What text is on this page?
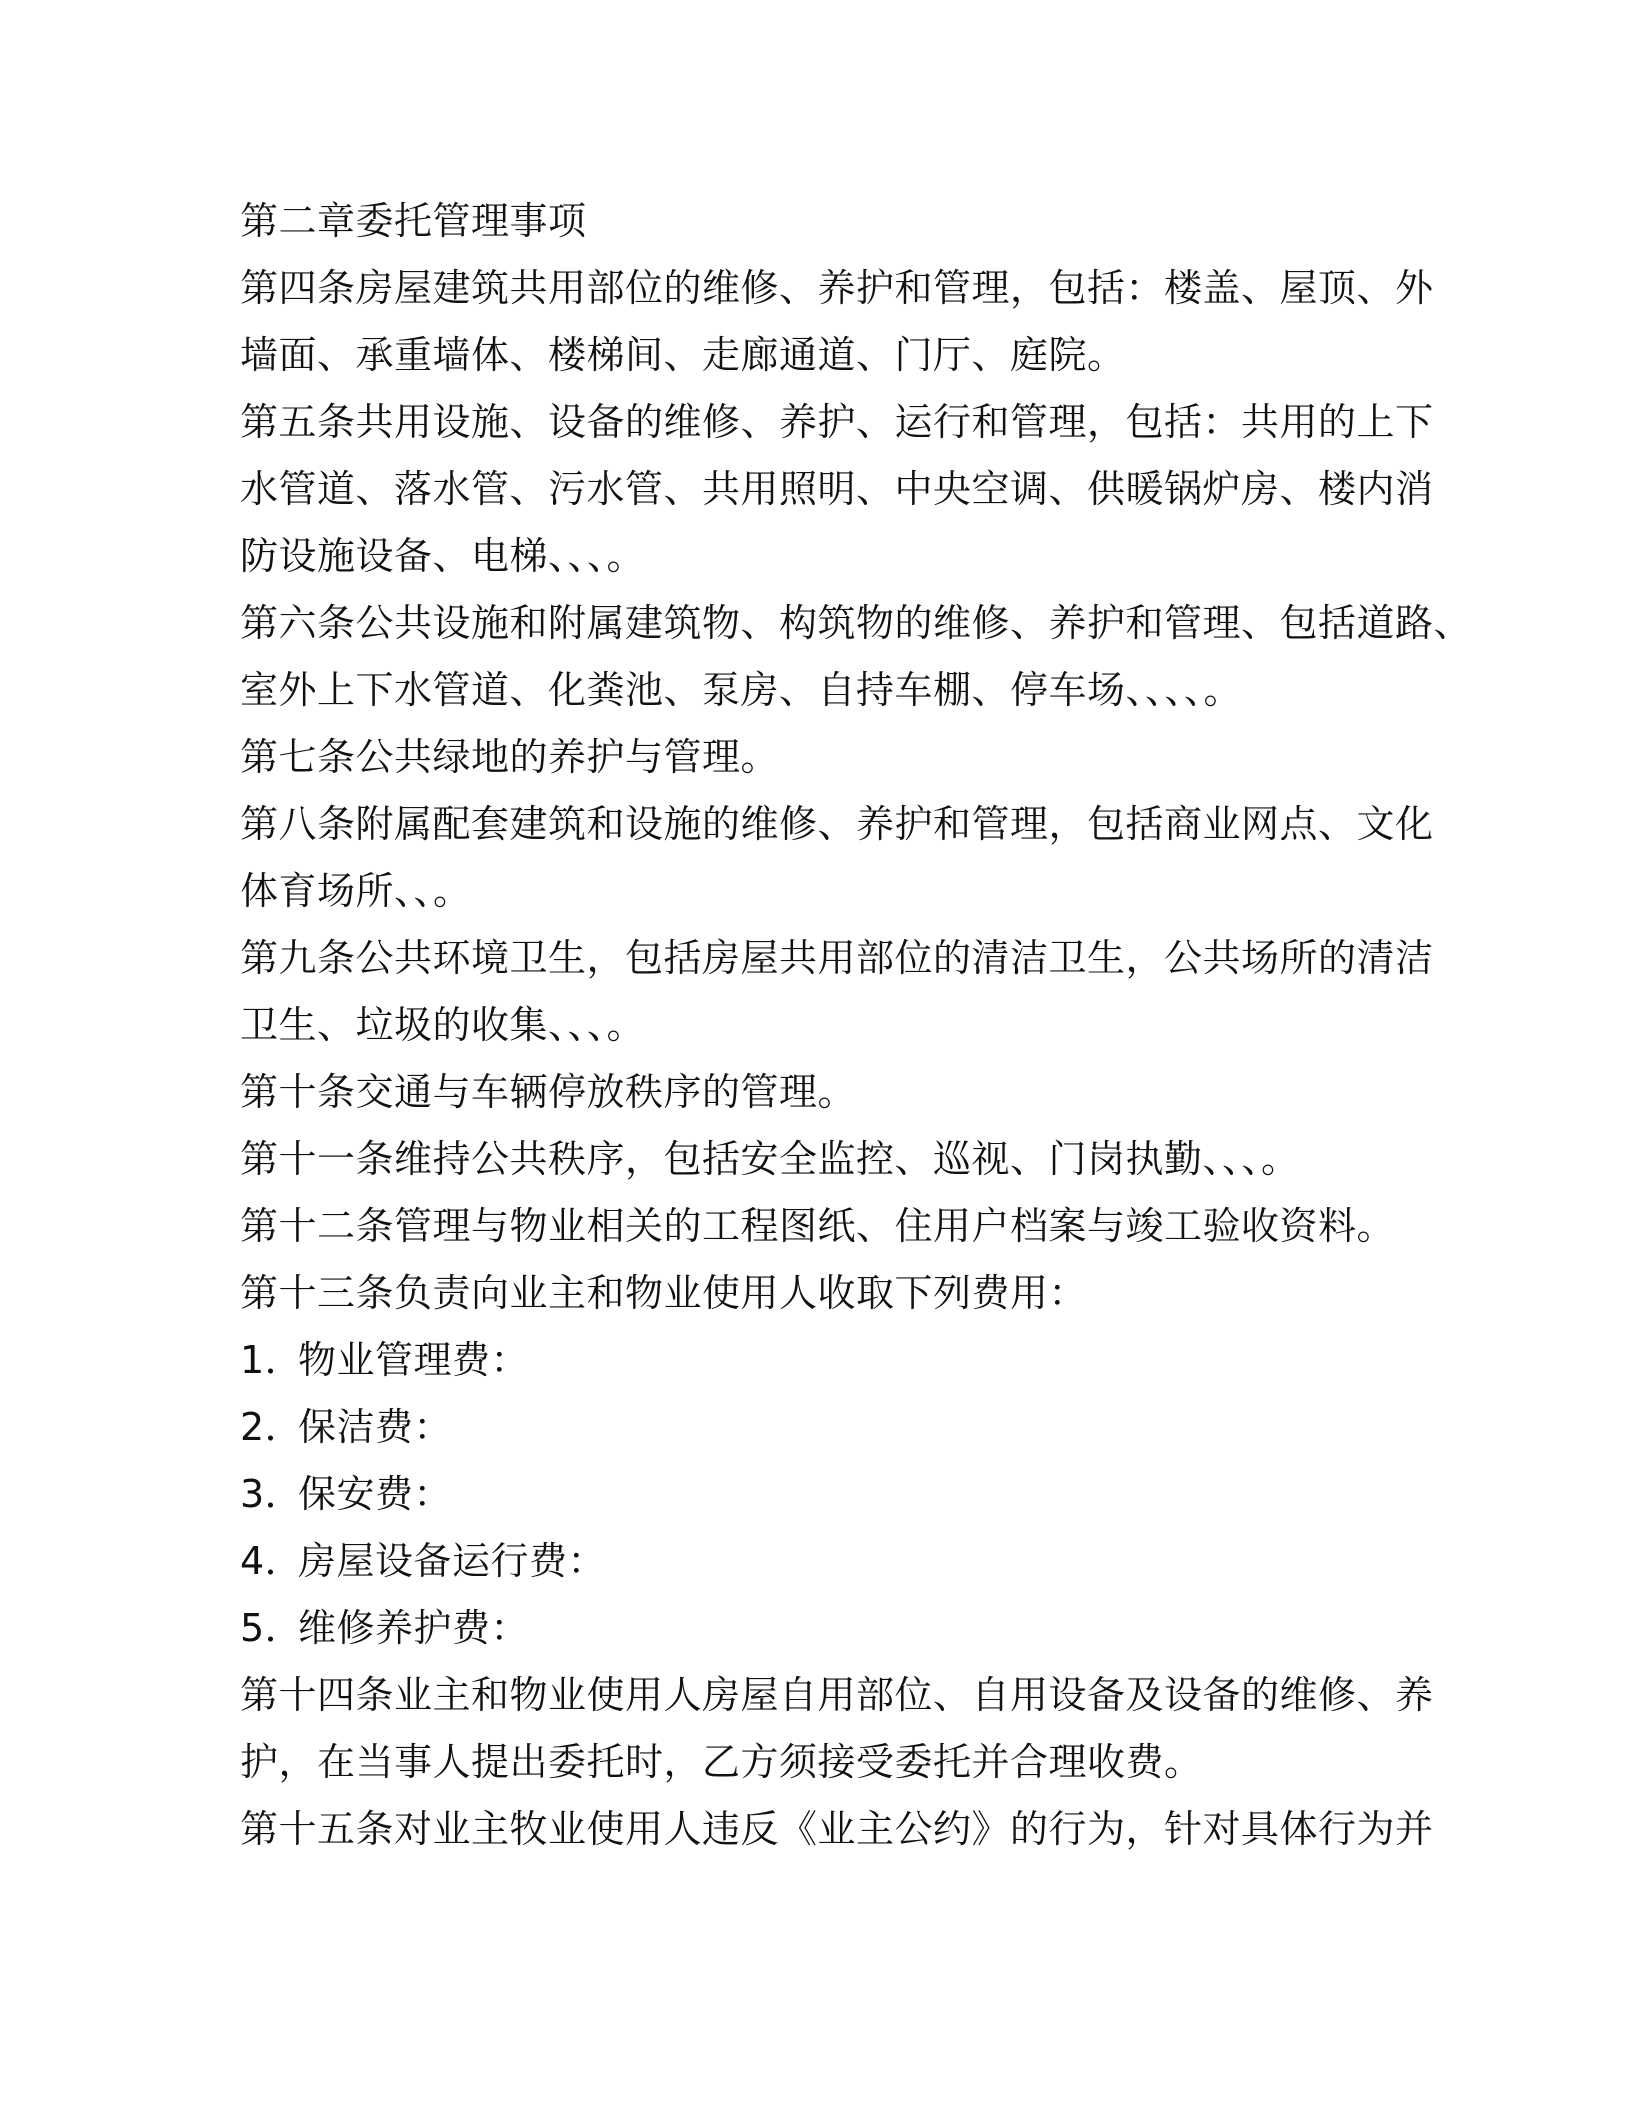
第二章委托管理事项
第四条房屋建筑共用部位的维修、养护和管理，包括：楼盖、屋顶、外
墙面、承重墙体、楼梯间、走廊通道、门厅、庭院。
第五条共用设施、设备的维修、养护、运行和管理，包括：共用的上下
水管道、落水管、污水管、共用照明、中央空调、供暖锅炉房、楼内消
防设施设备、电梯、、、。
第六条公共设施和附属建筑物、构筑物的维修、养护和管理、包括道路、
室外上下水管道、化粪池、泵房、自持车棚、停车场、、、、。
第七条公共绿地的养护与管理。
第八条附属配套建筑和设施的维修、养护和管理，包括商业网点、文化
体育场所、、。
第九条公共环境卫生，包括房屋共用部位的清洁卫生，公共场所的清洁
卫生、垃圾的收集、、、。
第十条交通与车辆停放秩序的管理。
第十一条维持公共秩序，包括安全监控、巡视、门岗执勤、、、。
第十二条管理与物业相关的工程图纸、住用户档案与竣工验收资料。
第十三条负责向业主和物业使用人收取下列费用：
1．物业管理费：
2．保洁费：
3．保安费：
4．房屋设备运行费：
5．维修养护费：
第十四条业主和物业使用人房屋自用部位、自用设备及设备的维修、养
护，在当事人提出委托时，乙方须接受委托并合理收费。
第十五条对业主牧业使用人违反《业主公约》的行为，针对具体行为并
